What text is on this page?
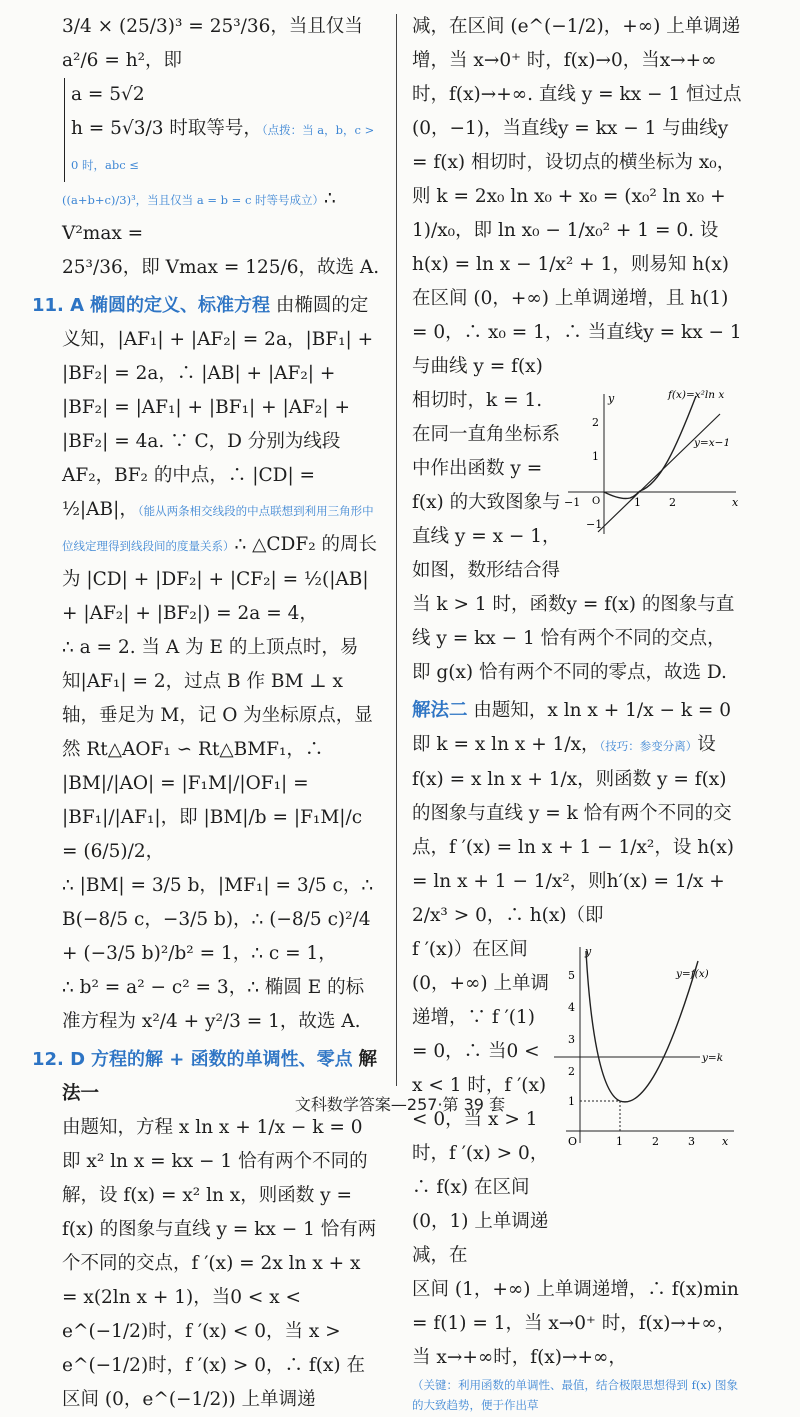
3/4 × (25/3)³ = 25³/36，当且仅当 a²/6 = h²，即

a = 5√2
h = 5√3/3 时取等号，（点拨：当 a，b，c > 0 时，abc ≤

((a+b+c)/3)³，当且仅当 a = b = c 时等号成立）∴ V²max =

25³/36，即 Vmax = 125/6，故选 A.

11. A 椭圆的定义、标准方程 由椭圆的定义知，|AF₁| + |AF₂| = 2a，|BF₁| + |BF₂| = 2a，∴ |AB| + |AF₂| + |BF₂| = |AF₁| + |BF₁| + |AF₂| + |BF₂| = 4a. ∵ C，D 分别为线段 AF₂，BF₂ 的中点，∴ |CD| = ½|AB|，（能从两条相交线段的中点联想到利用三角形中位线定理得到线段间的度量关系）∴ △CDF₂ 的周长为 |CD| + |DF₂| + |CF₂| = ½(|AB| + |AF₂| + |BF₂|) = 2a = 4，

∴ a = 2. 当 A 为 E 的上顶点时，易知|AF₁| = 2，过点 B 作 BM ⊥ x 轴，垂足为 M，记 O 为坐标原点，显然 Rt△AOF₁ ∽ Rt△BMF₁，∴ |BM|/|AO| = |F₁M|/|OF₁| = |BF₁|/|AF₁|，即 |BM|/b = |F₁M|/c = (6/5)/2，

∴ |BM| = 3/5 b，|MF₁| = 3/5 c，∴ B(−8/5 c，−3/5 b)，∴ (−8/5 c)²/4 + (−3/5 b)²/b² = 1，∴ c = 1，

∴ b² = a² − c² = 3，∴ 椭圆 E 的标准方程为 x²/4 + y²/3 = 1，故选 A.

12. D 方程的解 + 函数的单调性、零点 解法一

由题知，方程 x ln x + 1/x − k = 0 即 x² ln x = kx − 1 恰有两个不同的解，设 f(x) = x² ln x，则函数 y = f(x) 的图象与直线 y = kx − 1 恰有两个不同的交点，f ′(x) = 2x ln x + x = x(2ln x + 1)，当0 < x < e^(−1/2)时，f ′(x) < 0，当 x > e^(−1/2)时，f ′(x) > 0，∴ f(x) 在区间 (0，e^(−1/2)) 上单调递

减，在区间 (e^(−1/2)，+∞) 上单调递增，当 x→0⁺ 时，f(x)→0，当x→+∞时，f(x)→+∞. 直线 y = kx − 1 恒过点 (0，−1)，当直线y = kx − 1 与曲线y = f(x) 相切时，设切点的横坐标为 x₀，则 k = 2x₀ ln x₀ + x₀ = (x₀² ln x₀ + 1)/x₀，即 ln x₀ − 1/x₀² + 1 = 0. 设h(x) = ln x − 1/x² + 1，则易知 h(x) 在区间 (0，+∞) 上单调递增，且 h(1) = 0，∴ x₀ = 1，∴ 当直线y = kx − 1 与曲线 y = f(x)

相切时，k = 1. 在同一直角坐标系中作出函数 y = f(x) 的大致图象与直线 y = x − 1，如图，数形结合得

x
y
O
−1	1	2
2
1
−1
f(x)=x²ln x
y=x−1

当 k > 1 时，函数y = f(x) 的图象与直线 y = kx − 1 恰有两个不同的交点，即 g(x) 恰有两个不同的零点，故选 D.

解法二 由题知，x ln x + 1/x − k = 0 即 k = x ln x + 1/x，（技巧：参变分离）设f(x) = x ln x + 1/x，则函数 y = f(x) 的图象与直线 y = k 恰有两个不同的交点，f ′(x) = ln x + 1 − 1/x²，设 h(x) = ln x + 1 − 1/x²，则h′(x) = 1/x + 2/x³ > 0，∴ h(x)（即

f ′(x)）在区间 (0，+∞) 上单调递增，∵ f ′(1) = 0，∴ 当0 < x < 1 时，f ′(x) < 0，当 x > 1 时，f ′(x) > 0，∴ f(x) 在区间 (0，1) 上单调递减，在

x
y
O	1	2	3
5
4
3
2
1
y=f(x)
y=k

区间 (1，+∞) 上单调递增，∴ f(x)min = f(1) = 1，当 x→0⁺ 时，f(x)→+∞，当 x→+∞时，f(x)→+∞，

（关键：利用函数的单调性、最值，结合极限思想得到 f(x) 图象的大致趋势，便于作出草

文科数学答案—257·第 39 套
